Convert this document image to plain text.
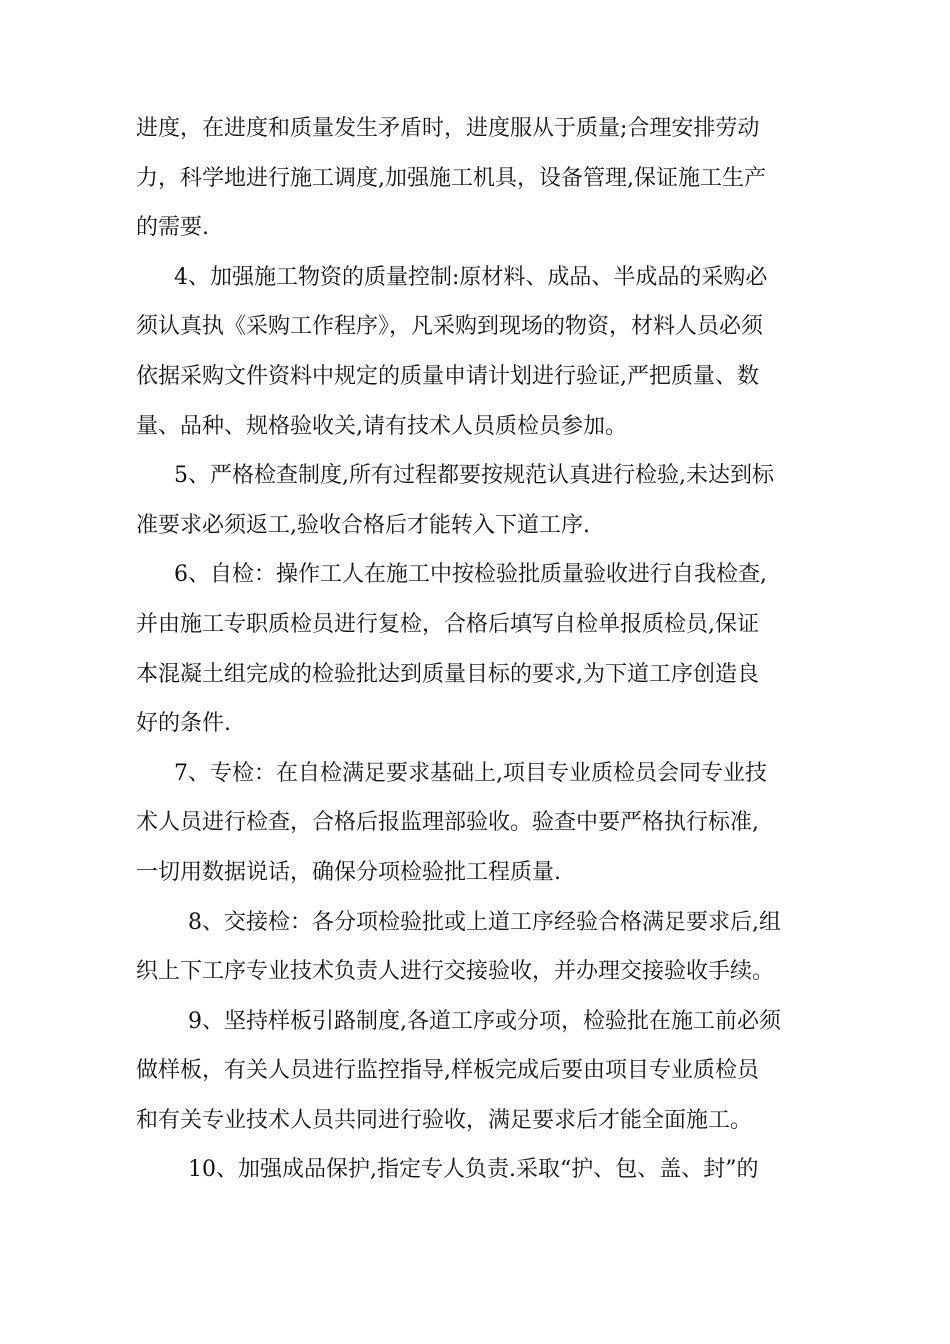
进度，在进度和质量发生矛盾时，进度服从于质量;合理安排劳动
力，科学地进行施工调度,加强施工机具，设备管理,保证施工生产
的需要.

4、加强施工物资的质量控制:原材料、成品、半成品的采购必
须认真执《采购工作程序》，凡采购到现场的物资，材料人员必须
依据采购文件资料中规定的质量申请计划进行验证,严把质量、数
量、品种、规格验收关,请有技术人员质检员参加。

5、严格检查制度,所有过程都要按规范认真进行检验,未达到标
准要求必须返工,验收合格后才能转入下道工序.

6、自检：操作工人在施工中按检验批质量验收进行自我检查,
并由施工专职质检员进行复检，合格后填写自检单报质检员,保证
本混凝土组完成的检验批达到质量目标的要求,为下道工序创造良
好的条件.

7、专检：在自检满足要求基础上,项目专业质检员会同专业技
术人员进行检查，合格后报监理部验收。验查中要严格执行标准,
一切用数据说话，确保分项检验批工程质量.

8、交接检：各分项检验批或上道工序经验合格满足要求后,组
织上下工序专业技术负责人进行交接验收，并办理交接验收手续。

9、坚持样板引路制度,各道工序或分项，检验批在施工前必须
做样板，有关人员进行监控指导,样板完成后要由项目专业质检员
和有关专业技术人员共同进行验收，满足要求后才能全面施工。

10、加强成品保护,指定专人负责.采取“护、包、盖、封”的
